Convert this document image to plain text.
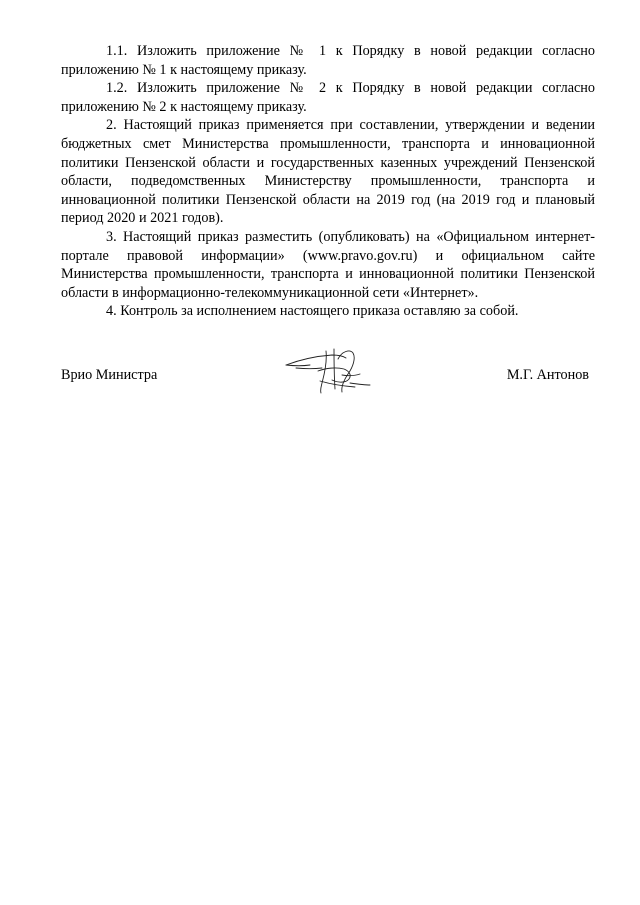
1.1. Изложить приложение № 1 к Порядку в новой редакции согласно приложению № 1 к настоящему приказу.

1.2. Изложить приложение № 2 к Порядку в новой редакции согласно приложению № 2 к настоящему приказу.

2. Настоящий приказ применяется при составлении, утверждении и ведении бюджетных смет Министерства промышленности, транспорта и инновационной политики Пензенской области и государственных казенных учреждений Пензенской области, подведомственных Министерству промышленности, транспорта и инновационной политики Пензенской области на 2019 год (на 2019 год и плановый период 2020 и 2021 годов).

3. Настоящий приказ разместить (опубликовать) на «Официальном интернет-портале правовой информации» (www.pravo.gov.ru) и официальном сайте Министерства промышленности, транспорта и инновационной политики Пензенской области в информационно-телекоммуникационной сети «Интернет».

4. Контроль за исполнением настоящего приказа оставляю за собой.

Врио Министра	М.Г. Антонов
